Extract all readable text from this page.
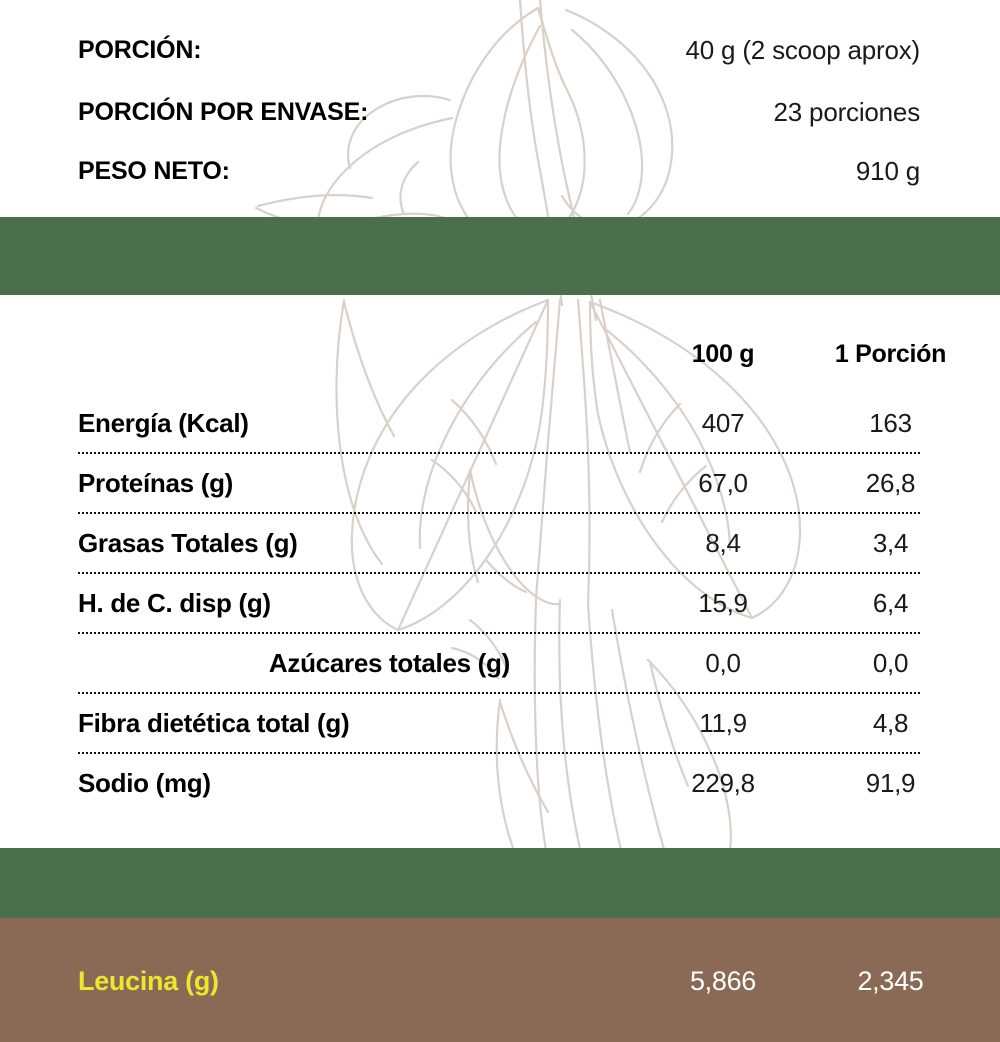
PORCIÓN:	40 g (2 scoop aprox)
PORCIÓN POR ENVASE:	23 porciones
PESO NETO:	910 g
100 g	1 Porción
Energía (Kcal)	407	163
Proteínas (g)	67,0	26,8
Grasas Totales (g)	8,4	3,4
H. de C. disp (g)	15,9	6,4
Azúcares totales (g)	0,0	0,0
Fibra dietética total (g)	11,9	4,8
Sodio (mg)	229,8	91,9
Leucina (g)	5,866	2,345
